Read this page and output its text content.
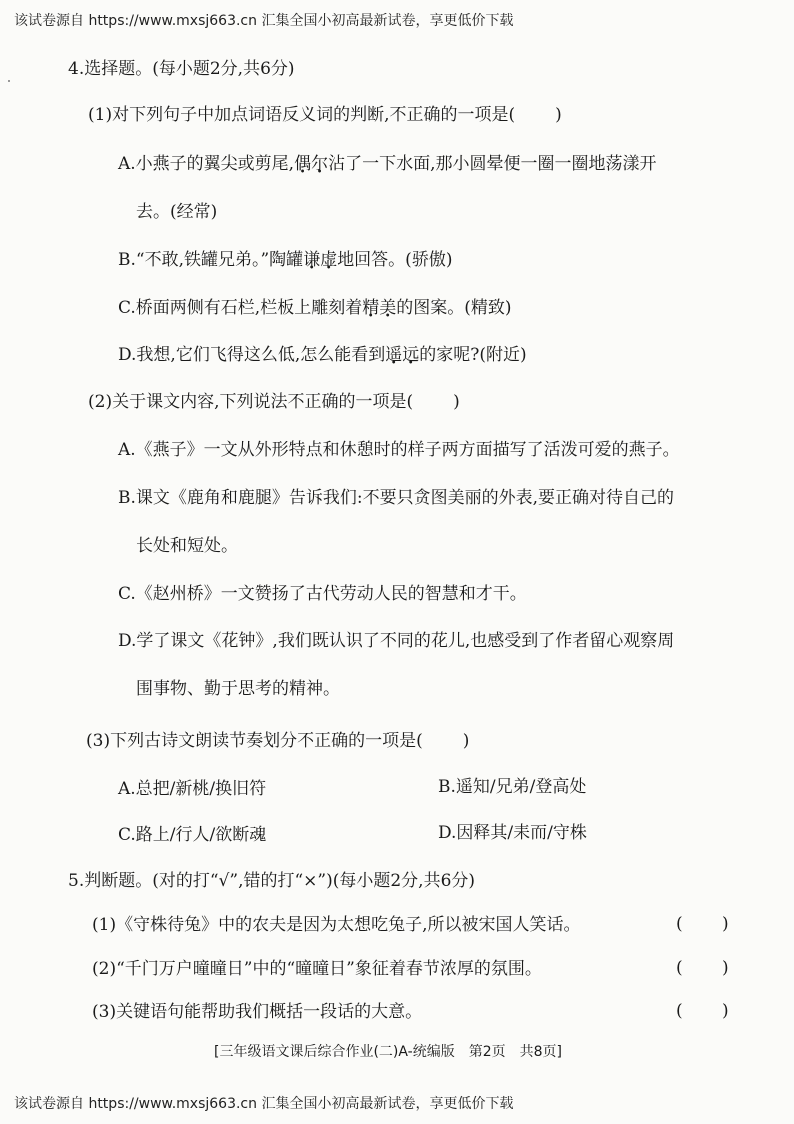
该试卷源自 https://www.mxsj663.cn 汇集全国小初高最新试卷，享更低价下载
4.选择题。(每小题2分,共6分)
(1)对下列句子中加点词语反义词的判断,不正确的一项是( )
A.小燕子的翼尖或剪尾,偶尔沾了一下水面,那小圆晕便一圈一圈地荡漾开
去。(经常)
B.“不敢,铁罐兄弟。”陶罐谦虚地回答。(骄傲)
C.桥面两侧有石栏,栏板上雕刻着精美的图案。(精致)
D.我想,它们飞得这么低,怎么能看到遥远的家呢?(附近)
(2)关于课文内容,下列说法不正确的一项是( )
A.《燕子》一文从外形特点和休憩时的样子两方面描写了活泼可爱的燕子。
B.课文《鹿角和鹿腿》告诉我们:不要只贪图美丽的外表,要正确对待自己的
长处和短处。
C.《赵州桥》一文赞扬了古代劳动人民的智慧和才干。
D.学了课文《花钟》,我们既认识了不同的花儿,也感受到了作者留心观察周
围事物、勤于思考的精神。
(3)下列古诗文朗读节奏划分不正确的一项是( )
A.总把/新桃/换旧符	B.遥知/兄弟/登高处
C.路上/行人/欲断魂	D.因释其/耒而/守株
5.判断题。(对的打“√”,错的打“×”)(每小题2分,共6分)
(1)《守株待兔》中的农夫是因为太想吃兔子,所以被宋国人笑话。	( )
(2)“千门万户曈曈日”中的“曈曈日”象征着春节浓厚的氛围。	( )
(3)关键语句能帮助我们概括一段话的大意。	( )
[三年级语文课后综合作业(二)A-统编版　第2页　共8页]
该试卷源自 https://www.mxsj663.cn 汇集全国小初高最新试卷，享更低价下载
